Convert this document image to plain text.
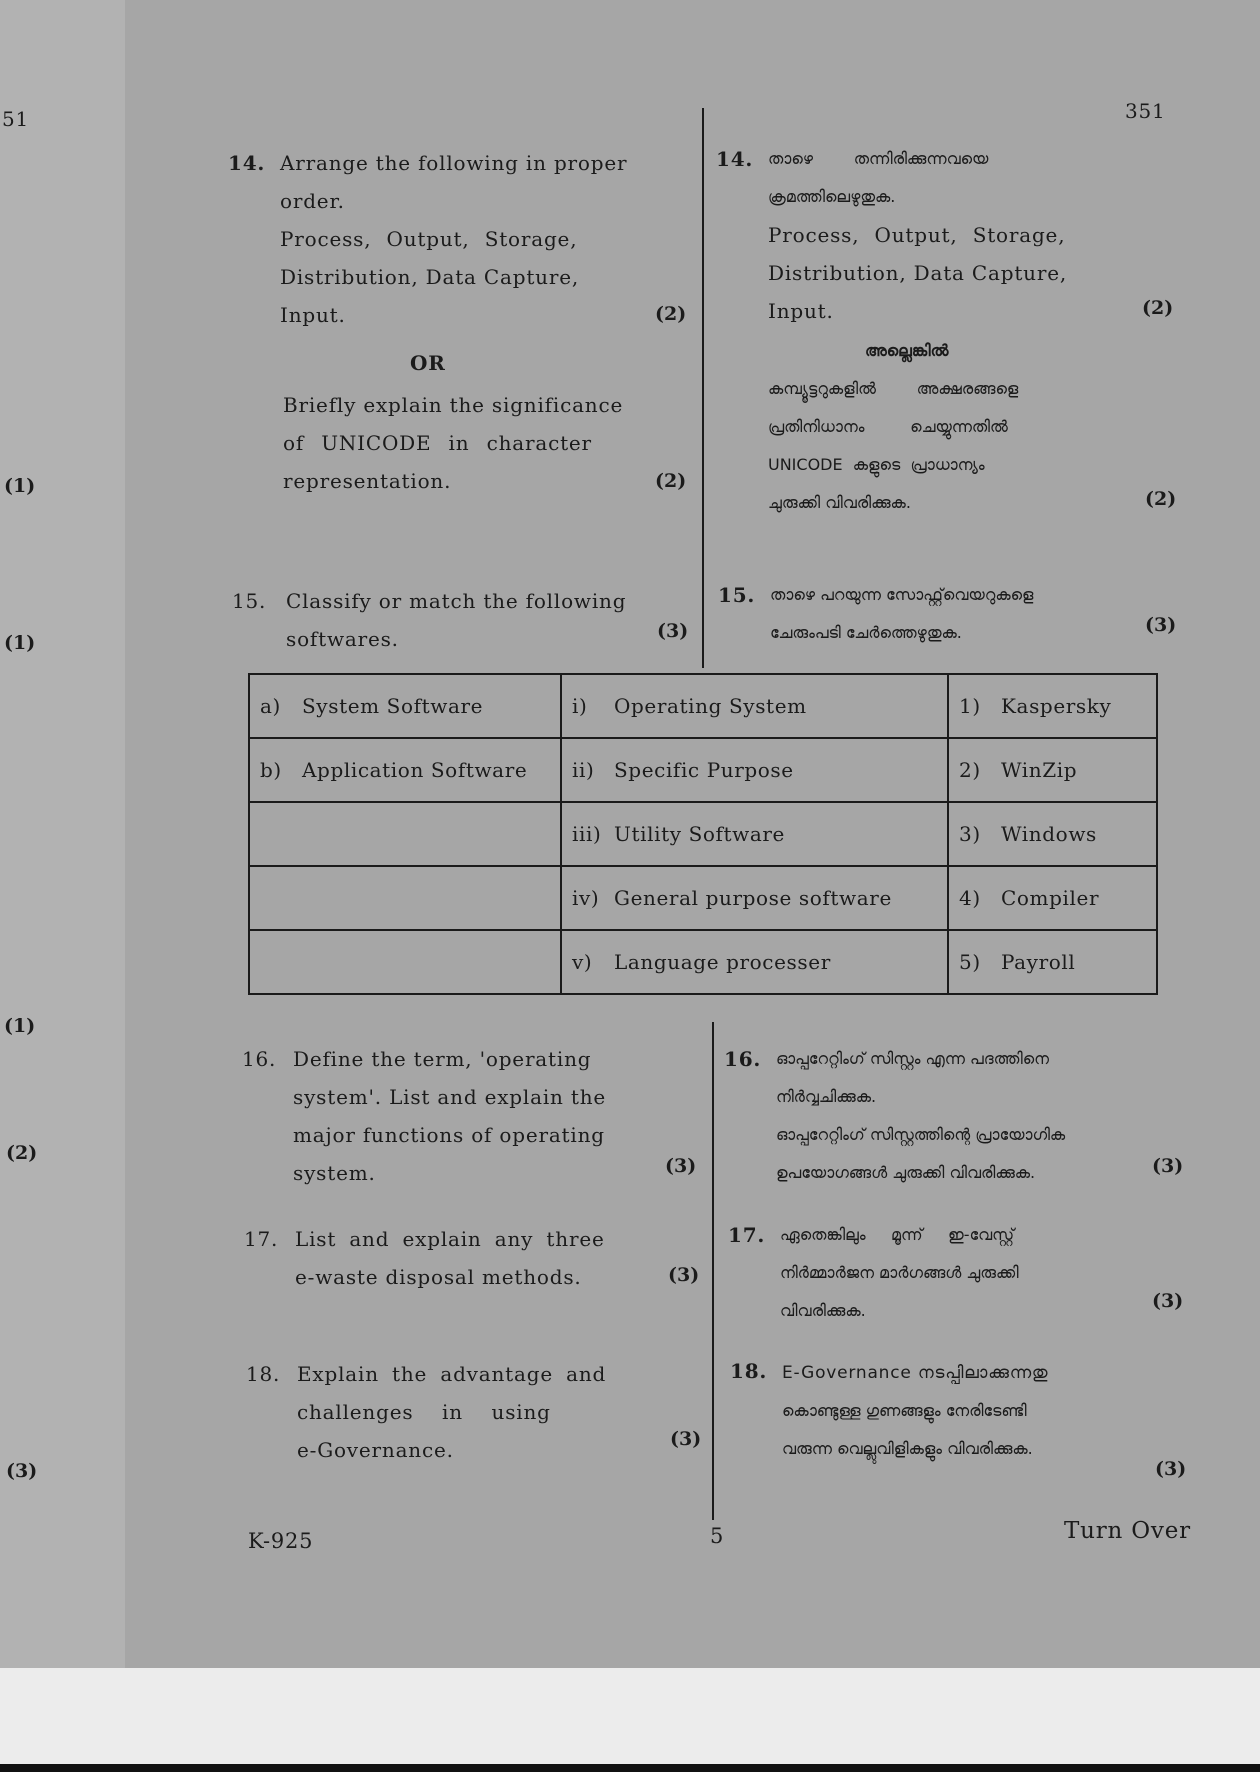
51	351
(1)
(1)
(1)
(2)
(3)
14. Arrange the following in proper
order.
Process, Output, Storage,
Distribution, Data Capture,
Input.	(2)
OR
Briefly explain the significance
of UNICODE in character
representation.	(2)
14. താഴെ        തന്നിരിക്കുന്നവയെ
ക്രമത്തിലെഴുതുക.
Process, Output, Storage,
Distribution, Data Capture,
Input.	(2)
അല്ലെങ്കിൽ
കമ്പ്യൂട്ടറുകളിൽ        അക്ഷരങ്ങളെ
പ്രതിനിധാനം         ചെയ്യുന്നതിൽ
UNICODE  കളുടെ  പ്രാധാന്യം
ചുരുക്കി വിവരിക്കുക.	(2)
15. Classify or match the following
softwares.	(3)
15. താഴെ പറയുന്ന സോഫ്റ്റ്‌വെയറുകളെ
ചേരുംപടി ചേർത്തെഴുതുക.	(3)
a) System Software	i) Operating System	1) Kaspersky
b) Application Software	ii) Specific Purpose	2) WinZip
	iii) Utility Software	3) Windows
	iv) General purpose software	4) Compiler
	v) Language processer	5) Payroll
16. Define the term, 'operating
system'. List and explain the
major functions of operating
system.	(3)
16. ഓപ്പറേറ്റിംഗ് സിസ്റ്റം എന്ന പദത്തിനെ
നിർവ്വചിക്കുക.
ഓപ്പറേറ്റിംഗ് സിസ്റ്റത്തിന്റെ പ്രായോഗിക
ഉപയോഗങ്ങൾ ചുരുക്കി വിവരിക്കുക.	(3)
17. List and explain any three
e-waste disposal methods.	(3)
17. ഏതെങ്കിലും     മൂന്ന്     ഇ-വേസ്റ്റ്
നിർമ്മാർജന മാർഗങ്ങൾ ചുരുക്കി
വിവരിക്കുക.	(3)
18. Explain the advantage and
challenges    in    using
e-Governance.	(3)
18. E-Governance നടപ്പിലാക്കുന്നതു
കൊണ്ടുള്ള ഗുണങ്ങളും നേരിടേണ്ടി
വരുന്ന വെല്ലുവിളികളും വിവരിക്കുക.
(3)
K-925	5	Turn Over
